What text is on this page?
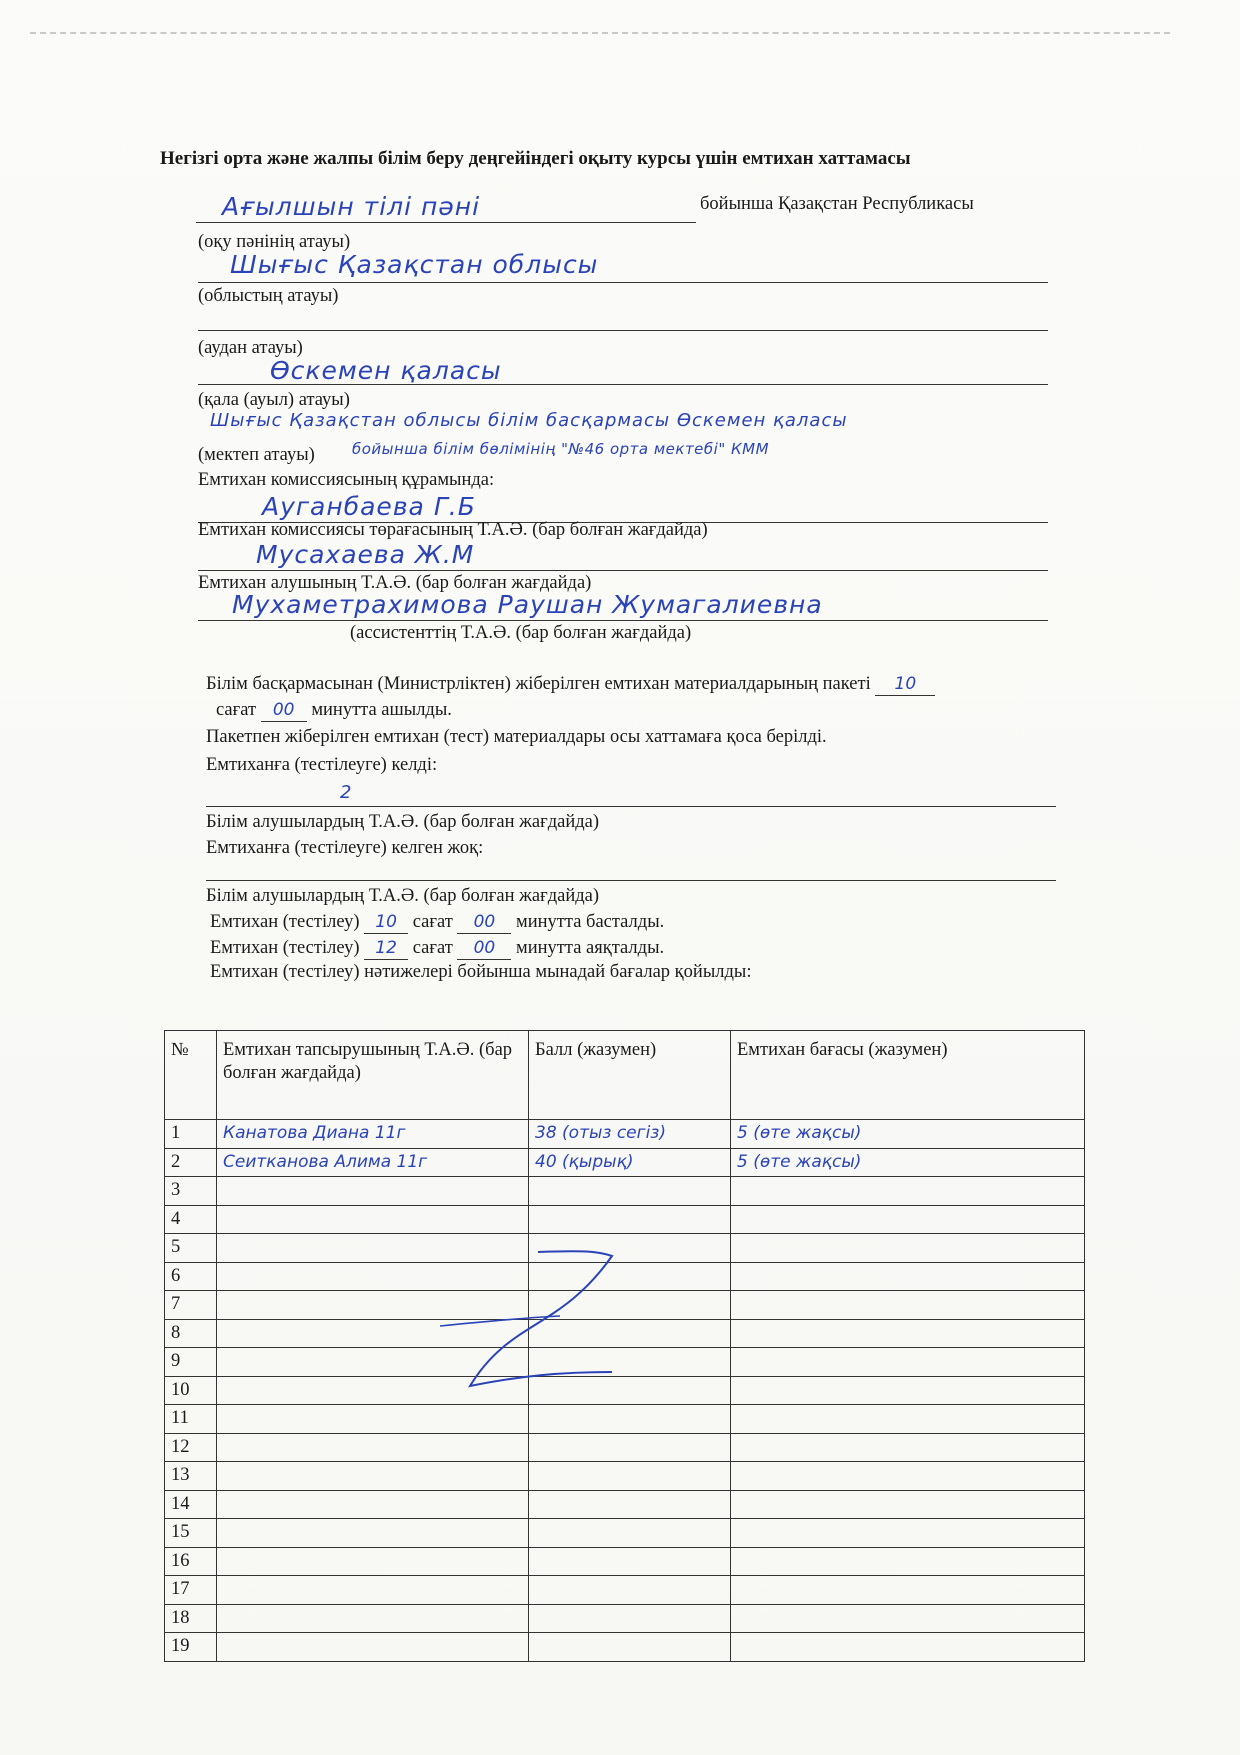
Негізгі орта және жалпы білім беру деңгейіндегі оқыту курсы үшін емтихан хаттамасы
Ағылшын тілі пәні	бойынша Қазақстан Республикасы
(оқу пәнінің атауы)
Шығыс Қазақстан облысы
(облыстың атауы)
(аудан атауы)
Өскемен қаласы
(қала (ауыл) атауы)
Шығыс Қазақстан облысы білім басқармасы Өскемен қаласы
(мектеп атауы) бойынша білім бөлімінің "№46 орта мектебі" КММ
Емтихан комиссиясының құрамында:
Ауганбаева Г.Б
Емтихан комиссиясы төрағасының Т.А.Ә. (бар болған жағдайда)
Мусахаева Ж.М
Емтихан алушының Т.А.Ә. (бар болған жағдайда)
Мухаметрахимова Раушан Жумагалиевна
(ассистенттің Т.А.Ә. (бар болған жағдайда)
Білім басқармасынан (Министрліктен) жіберілген емтихан материалдарының пакеті 10
сағат 00 минутта ашылды.
Пакетпен жіберілген емтихан (тест) материалдары осы хаттамаға қоса берілді.
Емтиханға (тестілеуге) келді:
2
Білім алушылардың Т.А.Ә. (бар болған жағдайда)
Емтиханға (тестілеуге) келген жоқ:
Білім алушылардың Т.А.Ә. (бар болған жағдайда)
Емтихан (тестілеу) 10 сағат 00 минутта басталды.
Емтихан (тестілеу) 12 сағат 00 минутта аяқталды.
Емтихан (тестілеу) нәтижелері бойынша мынадай бағалар қойылды:
№	Емтихан тапсырушының Т.А.Ә. (бар болған жағдайда)	Балл (жазумен)	Емтихан бағасы (жазумен)
1	Канатова Диана 11г	38 (отыз сегіз)	5 (өте жақсы)
2	Сеитканова Алима 11г	40 (қырық)	5 (өте жақсы)
3			
4			
5			
6			
7			
8			
9			
10			
11			
12			
13			
14			
15			
16			
17			
18			
19			
